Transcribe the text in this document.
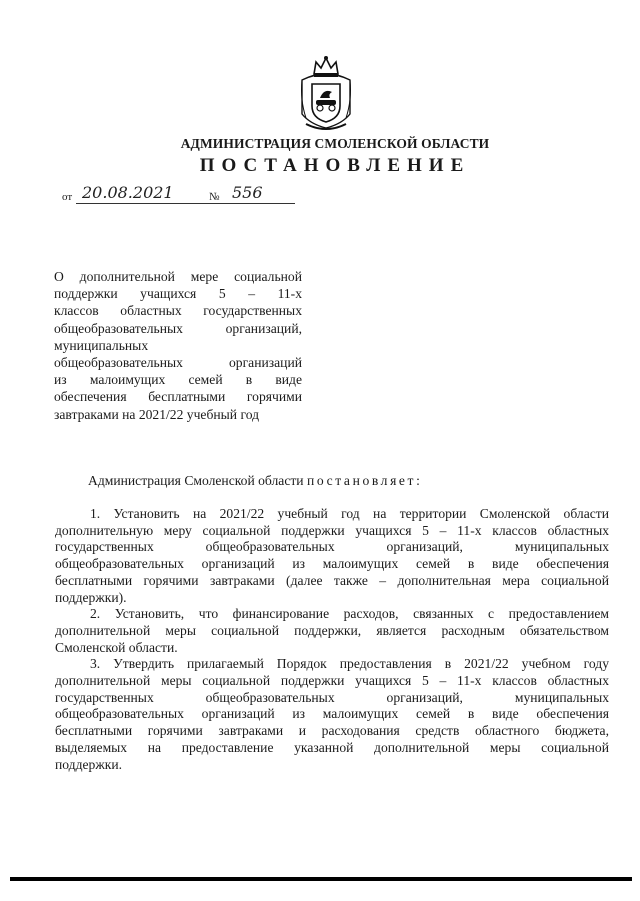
АДМИНИСТРАЦИЯ СМОЛЕНСКОЙ ОБЛАСТИ
ПОСТАНОВЛЕНИЕ
от 20.08.2021	№ 556
О дополнительной мере социальной
поддержки учащихся 5 – 11-х
классов областных государственных
общеобразовательных организаций,
муниципальных
общеобразовательных организаций
из малоимущих семей в виде
обеспечения бесплатными горячими
завтраками на 2021/22 учебный год
Администрация Смоленской области постановляет:
1. Установить на 2021/22 учебный год на территории Смоленской области
дополнительную меру социальной поддержки учащихся 5 – 11-х классов областных
государственных общеобразовательных организаций, муниципальных
общеобразовательных организаций из малоимущих семей в виде обеспечения
бесплатными горячими завтраками (далее также – дополнительная мера социальной
поддержки).
2. Установить, что финансирование расходов, связанных с предоставлением
дополнительной меры социальной поддержки, является расходным обязательством
Смоленской области.
3. Утвердить прилагаемый Порядок предоставления в 2021/22 учебном году
дополнительной меры социальной поддержки учащихся 5 – 11-х классов областных
государственных общеобразовательных организаций, муниципальных
общеобразовательных организаций из малоимущих семей в виде обеспечения
бесплатными горячими завтраками и расходования средств областного бюджета,
выделяемых на предоставление указанной дополнительной меры социальной
поддержки.
